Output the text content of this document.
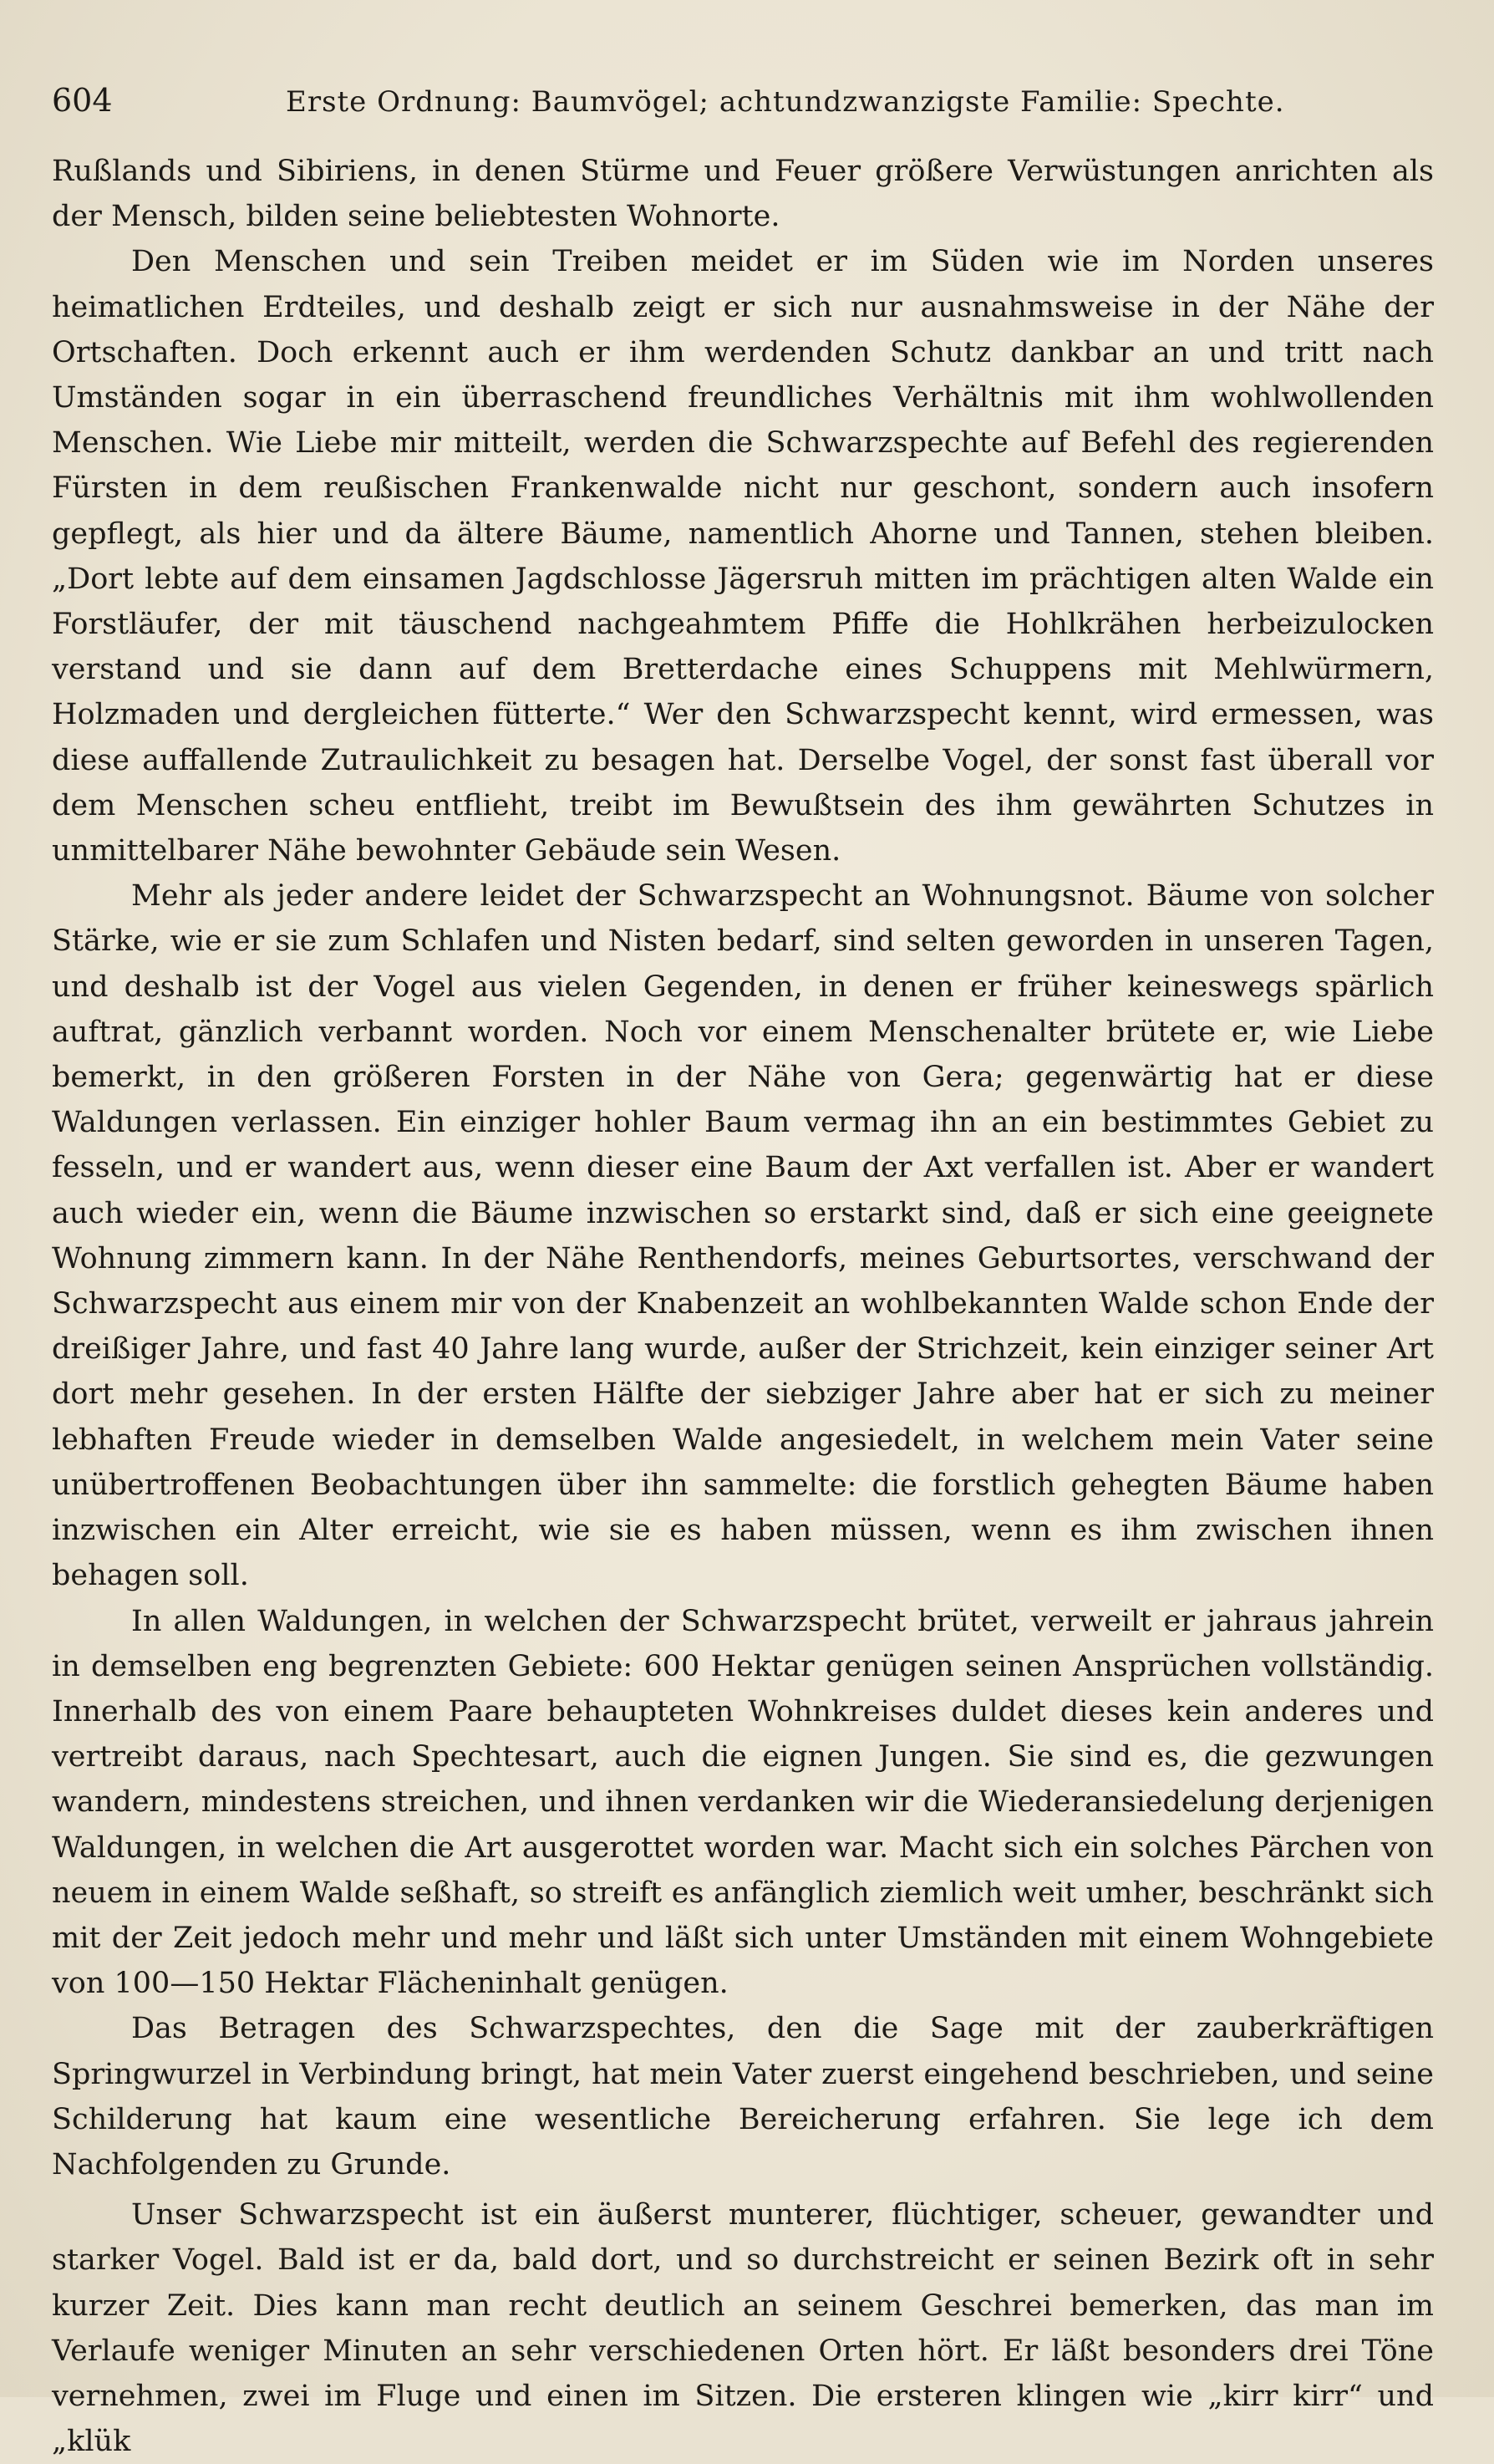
604	Erste Ordnung: Baumvögel; achtundzwanzigste Familie: Spechte.

Rußlands und Sibiriens, in denen Stürme und Feuer größere Verwüstungen anrichten als der Mensch, bilden seine beliebtesten Wohnorte.

Den Menschen und sein Treiben meidet er im Süden wie im Norden unseres heimatlichen Erdteiles, und deshalb zeigt er sich nur ausnahmsweise in der Nähe der Ortschaften. Doch erkennt auch er ihm werdenden Schutz dankbar an und tritt nach Umständen sogar in ein überraschend freundliches Verhältnis mit ihm wohlwollenden Menschen. Wie Liebe mir mitteilt, werden die Schwarzspechte auf Befehl des regierenden Fürsten in dem reußischen Frankenwalde nicht nur geschont, sondern auch insofern gepflegt, als hier und da ältere Bäume, namentlich Ahorne und Tannen, stehen bleiben. „Dort lebte auf dem einsamen Jagdschlosse Jägersruh mitten im prächtigen alten Walde ein Forstläufer, der mit täuschend nachgeahmtem Pfiffe die Hohlkrähen herbeizulocken verstand und sie dann auf dem Bretterdache eines Schuppens mit Mehlwürmern, Holzmaden und dergleichen fütterte.“ Wer den Schwarzspecht kennt, wird ermessen, was diese auffallende Zutraulichkeit zu besagen hat. Derselbe Vogel, der sonst fast überall vor dem Menschen scheu entflieht, treibt im Bewußtsein des ihm gewährten Schutzes in unmittelbarer Nähe bewohnter Gebäude sein Wesen.

Mehr als jeder andere leidet der Schwarzspecht an Wohnungsnot. Bäume von solcher Stärke, wie er sie zum Schlafen und Nisten bedarf, sind selten geworden in unseren Tagen, und deshalb ist der Vogel aus vielen Gegenden, in denen er früher keineswegs spärlich auftrat, gänzlich verbannt worden. Noch vor einem Menschenalter brütete er, wie Liebe bemerkt, in den größeren Forsten in der Nähe von Gera; gegenwärtig hat er diese Waldungen verlassen. Ein einziger hohler Baum vermag ihn an ein bestimmtes Gebiet zu fesseln, und er wandert aus, wenn dieser eine Baum der Axt verfallen ist. Aber er wandert auch wieder ein, wenn die Bäume inzwischen so erstarkt sind, daß er sich eine geeignete Wohnung zimmern kann. In der Nähe Renthendorfs, meines Geburtsortes, verschwand der Schwarzspecht aus einem mir von der Knabenzeit an wohlbekannten Walde schon Ende der dreißiger Jahre, und fast 40 Jahre lang wurde, außer der Strichzeit, kein einziger seiner Art dort mehr gesehen. In der ersten Hälfte der siebziger Jahre aber hat er sich zu meiner lebhaften Freude wieder in demselben Walde angesiedelt, in welchem mein Vater seine unübertroffenen Beobachtungen über ihn sammelte: die forstlich gehegten Bäume haben inzwischen ein Alter erreicht, wie sie es haben müssen, wenn es ihm zwischen ihnen behagen soll.

In allen Waldungen, in welchen der Schwarzspecht brütet, verweilt er jahraus jahrein in demselben eng begrenzten Gebiete: 600 Hektar genügen seinen Ansprüchen vollständig. Innerhalb des von einem Paare behaupteten Wohnkreises duldet dieses kein anderes und vertreibt daraus, nach Spechtesart, auch die eignen Jungen. Sie sind es, die gezwungen wandern, mindestens streichen, und ihnen verdanken wir die Wiederansiedelung derjenigen Waldungen, in welchen die Art ausgerottet worden war. Macht sich ein solches Pärchen von neuem in einem Walde seßhaft, so streift es anfänglich ziemlich weit umher, beschränkt sich mit der Zeit jedoch mehr und mehr und läßt sich unter Umständen mit einem Wohngebiete von 100—150 Hektar Flächeninhalt genügen.

Das Betragen des Schwarzspechtes, den die Sage mit der zauberkräftigen Springwurzel in Verbindung bringt, hat mein Vater zuerst eingehend beschrieben, und seine Schilderung hat kaum eine wesentliche Bereicherung erfahren. Sie lege ich dem Nachfolgenden zu Grunde.

Unser Schwarzspecht ist ein äußerst munterer, flüchtiger, scheuer, gewandter und starker Vogel. Bald ist er da, bald dort, und so durchstreicht er seinen Bezirk oft in sehr kurzer Zeit. Dies kann man recht deutlich an seinem Geschrei bemerken, das man im Verlaufe weniger Minuten an sehr verschiedenen Orten hört. Er läßt besonders drei Töne vernehmen, zwei im Fluge und einen im Sitzen. Die ersteren klingen wie „kirr kirr“ und „klük
